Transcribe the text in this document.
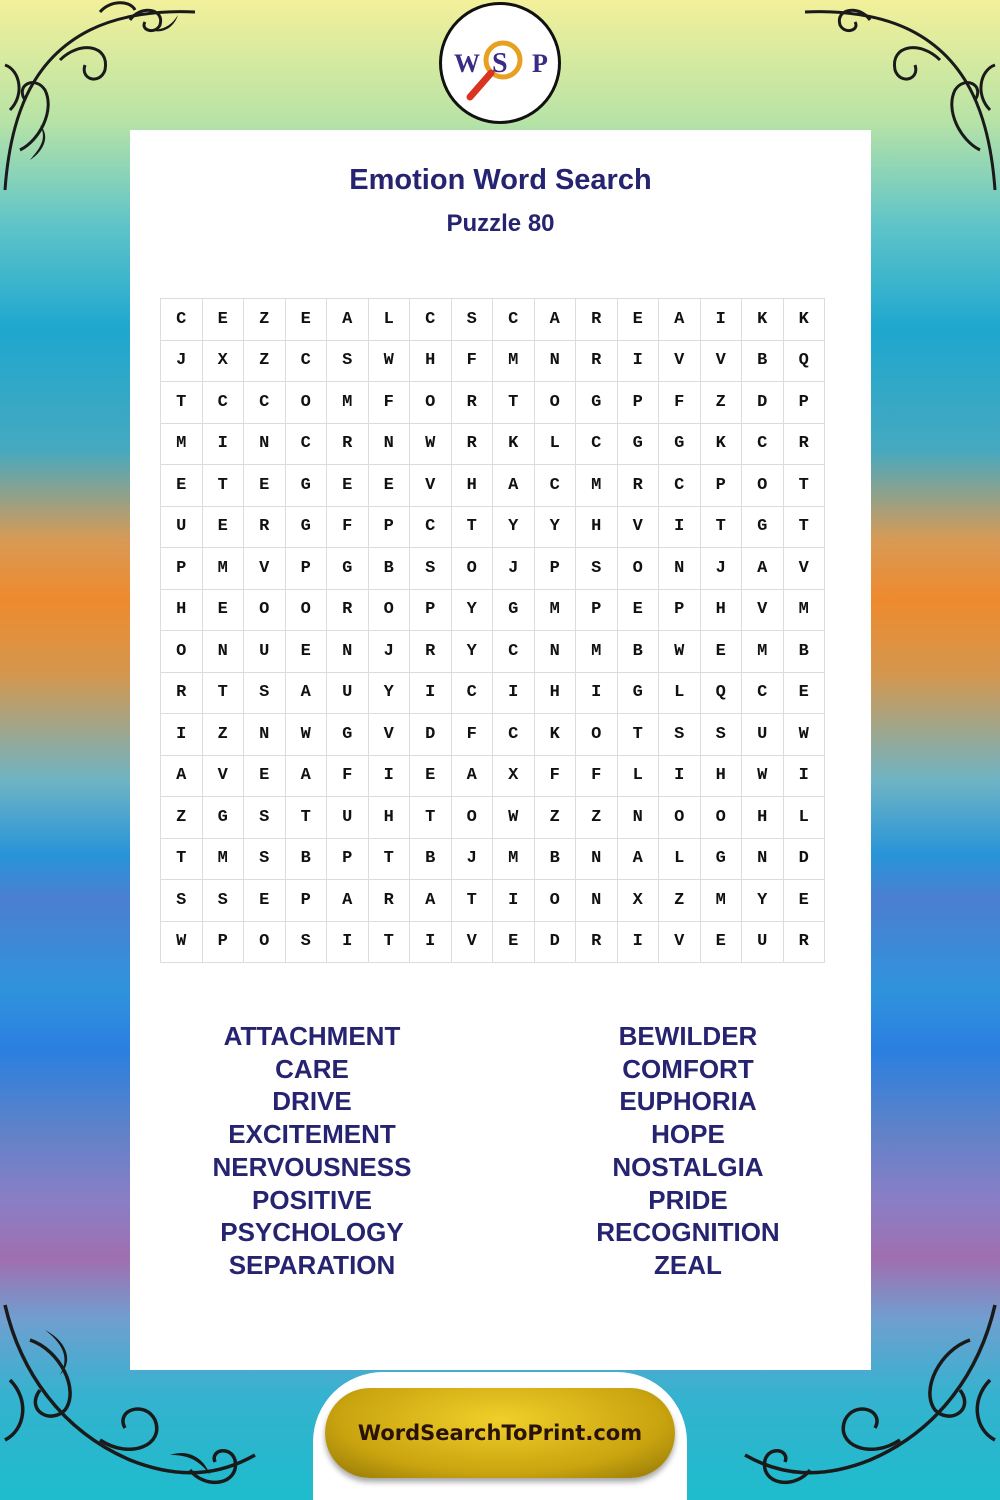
W S P
Emotion Word Search
Puzzle 80
C	E	Z	E	A	L	C	S	C	A	R	E	A	I	K	K
J	X	Z	C	S	W	H	F	M	N	R	I	V	V	B	Q
T	C	C	O	M	F	O	R	T	O	G	P	F	Z	D	P
M	I	N	C	R	N	W	R	K	L	C	G	G	K	C	R
E	T	E	G	E	E	V	H	A	C	M	R	C	P	O	T
U	E	R	G	F	P	C	T	Y	Y	H	V	I	T	G	T
P	M	V	P	G	B	S	O	J	P	S	O	N	J	A	V
H	E	O	O	R	O	P	Y	G	M	P	E	P	H	V	M
O	N	U	E	N	J	R	Y	C	N	M	B	W	E	M	B
R	T	S	A	U	Y	I	C	I	H	I	G	L	Q	C	E
I	Z	N	W	G	V	D	F	C	K	O	T	S	S	U	W
A	V	E	A	F	I	E	A	X	F	F	L	I	H	W	I
Z	G	S	T	U	H	T	O	W	Z	Z	N	O	O	H	L
T	M	S	B	P	T	B	J	M	B	N	A	L	G	N	D
S	S	E	P	A	R	A	T	I	O	N	X	Z	M	Y	E
W	P	O	S	I	T	I	V	E	D	R	I	V	E	U	R
ATTACHMENT
CARE
DRIVE
EXCITEMENT
NERVOUSNESS
POSITIVE
PSYCHOLOGY
SEPARATION
BEWILDER
COMFORT
EUPHORIA
HOPE
NOSTALGIA
PRIDE
RECOGNITION
ZEAL
WordSearchToPrint.com
